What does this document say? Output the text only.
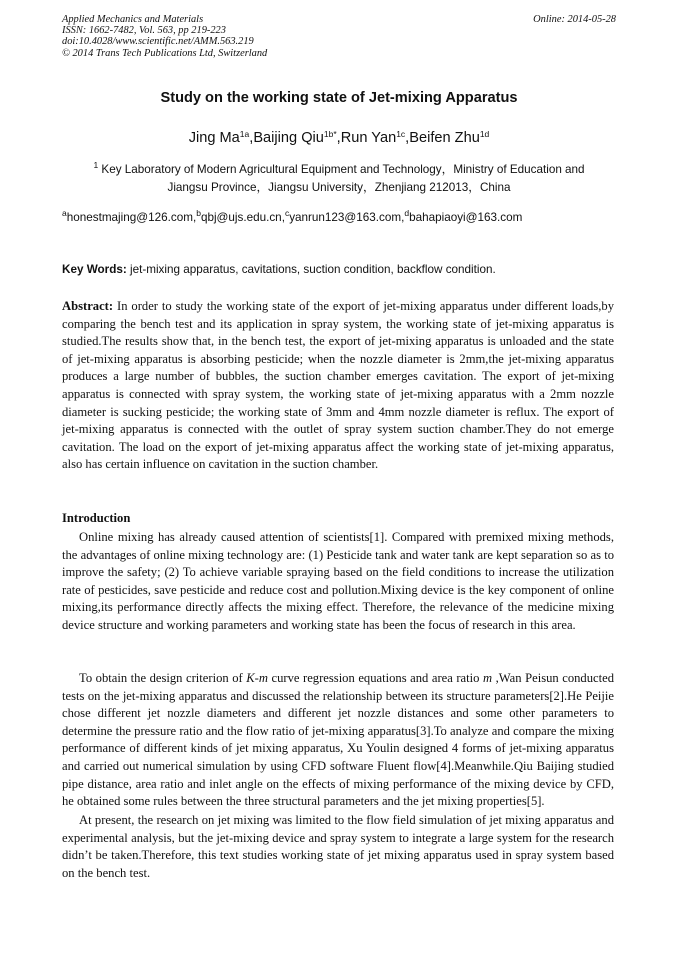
Applied Mechanics and Materials
ISSN: 1662-7482, Vol. 563, pp 219-223
doi:10.4028/www.scientific.net/AMM.563.219
© 2014 Trans Tech Publications Ltd, Switzerland
Online: 2014-05-28
Study on the working state of Jet-mixing Apparatus
Jing $Ma^{1a},Baijing$ Qiu$^{1b*}$,Run Yan$^{1c}$,Beifen Zhu$^{1d}$
$^1$ Key Laboratory of Modern Agricultural Equipment and Technology，Ministry of Education and
Jiangsu Province，Jiangsu University，Zhenjiang 212013，China
$^a$honestmajing@126.com,$^b$qbj@ujs.edu.cn,$^c$yanrun123@163.com,$^d$bahapiaoyi@163.com
Key Words: jet-mixing apparatus, cavitations, suction condition, backflow condition.

Abstract: In order to study the working state of the export of jet-mixing apparatus under different loads,by comparing the bench test and its application in spray system, the working state of jet-mixing apparatus is studied.The results show that, in the bench test, the export of jet-mixing apparatus is unloaded and the state of jet-mixing apparatus is absorbing pesticide; when the nozzle diameter is 2mm,the jet-mixing apparatus produces a large number of bubbles, the suction chamber emerges cavitation. The export of jet-mixing apparatus is connected with spray system, the working state of jet-mixing apparatus with a 2mm nozzle diameter is sucking pesticide; the working state of 3mm and 4mm nozzle diameter is reflux. The export of jet-mixing apparatus is connected with the outlet of spray system suction chamber.They do not emerge cavitation. The load on the export of jet-mixing apparatus affect the working state of jet-mixing apparatus, also has certain influence on cavitation in the suction chamber.

Introduction

Online mixing has already caused attention of scientists[1]. Compared with premixed mixing methods, the advantages of online mixing technology are: (1) Pesticide tank and water tank are kept separation so as to improve the safety; (2) To achieve variable spraying based on the field conditions to increase the utilization rate of pesticides, save pesticide and reduce cost and pollution.Mixing device is the key component of online mixing,its performance directly affects the mixing effect. Therefore, the relevance of the medicine mixing device structure and working parameters and working state has been the focus of research in this area.

To obtain the design criterion of K-m curve regression equations and area ratio m ,Wan Peisun conducted tests on the jet-mixing apparatus and discussed the relationship between its structure parameters[2].He Peijie chose different jet nozzle diameters and different jet nozzle distances and some other parameters to determine the pressure ratio and the flow ratio of jet-mixing apparatus[3].To analyze and compare the mixing performance of different kinds of jet mixing apparatus, Xu Youlin designed 4 forms of jet-mixing apparatus and carried out numerical simulation by using CFD software Fluent flow[4].Meanwhile.Qiu Baijing studied pipe distance, area ratio and inlet angle on the effects of mixing performance of the mixing device by CFD, he obtained some rules between the three structural parameters and the jet mixing properties[5].

At present, the research on jet mixing was limited to the flow field simulation of jet mixing apparatus and experimental analysis, but the jet-mixing device and spray system to integrate a large system for the research didn’t be taken.Therefore, this text studies working state of jet mixing apparatus used in spray system based on the bench test.
